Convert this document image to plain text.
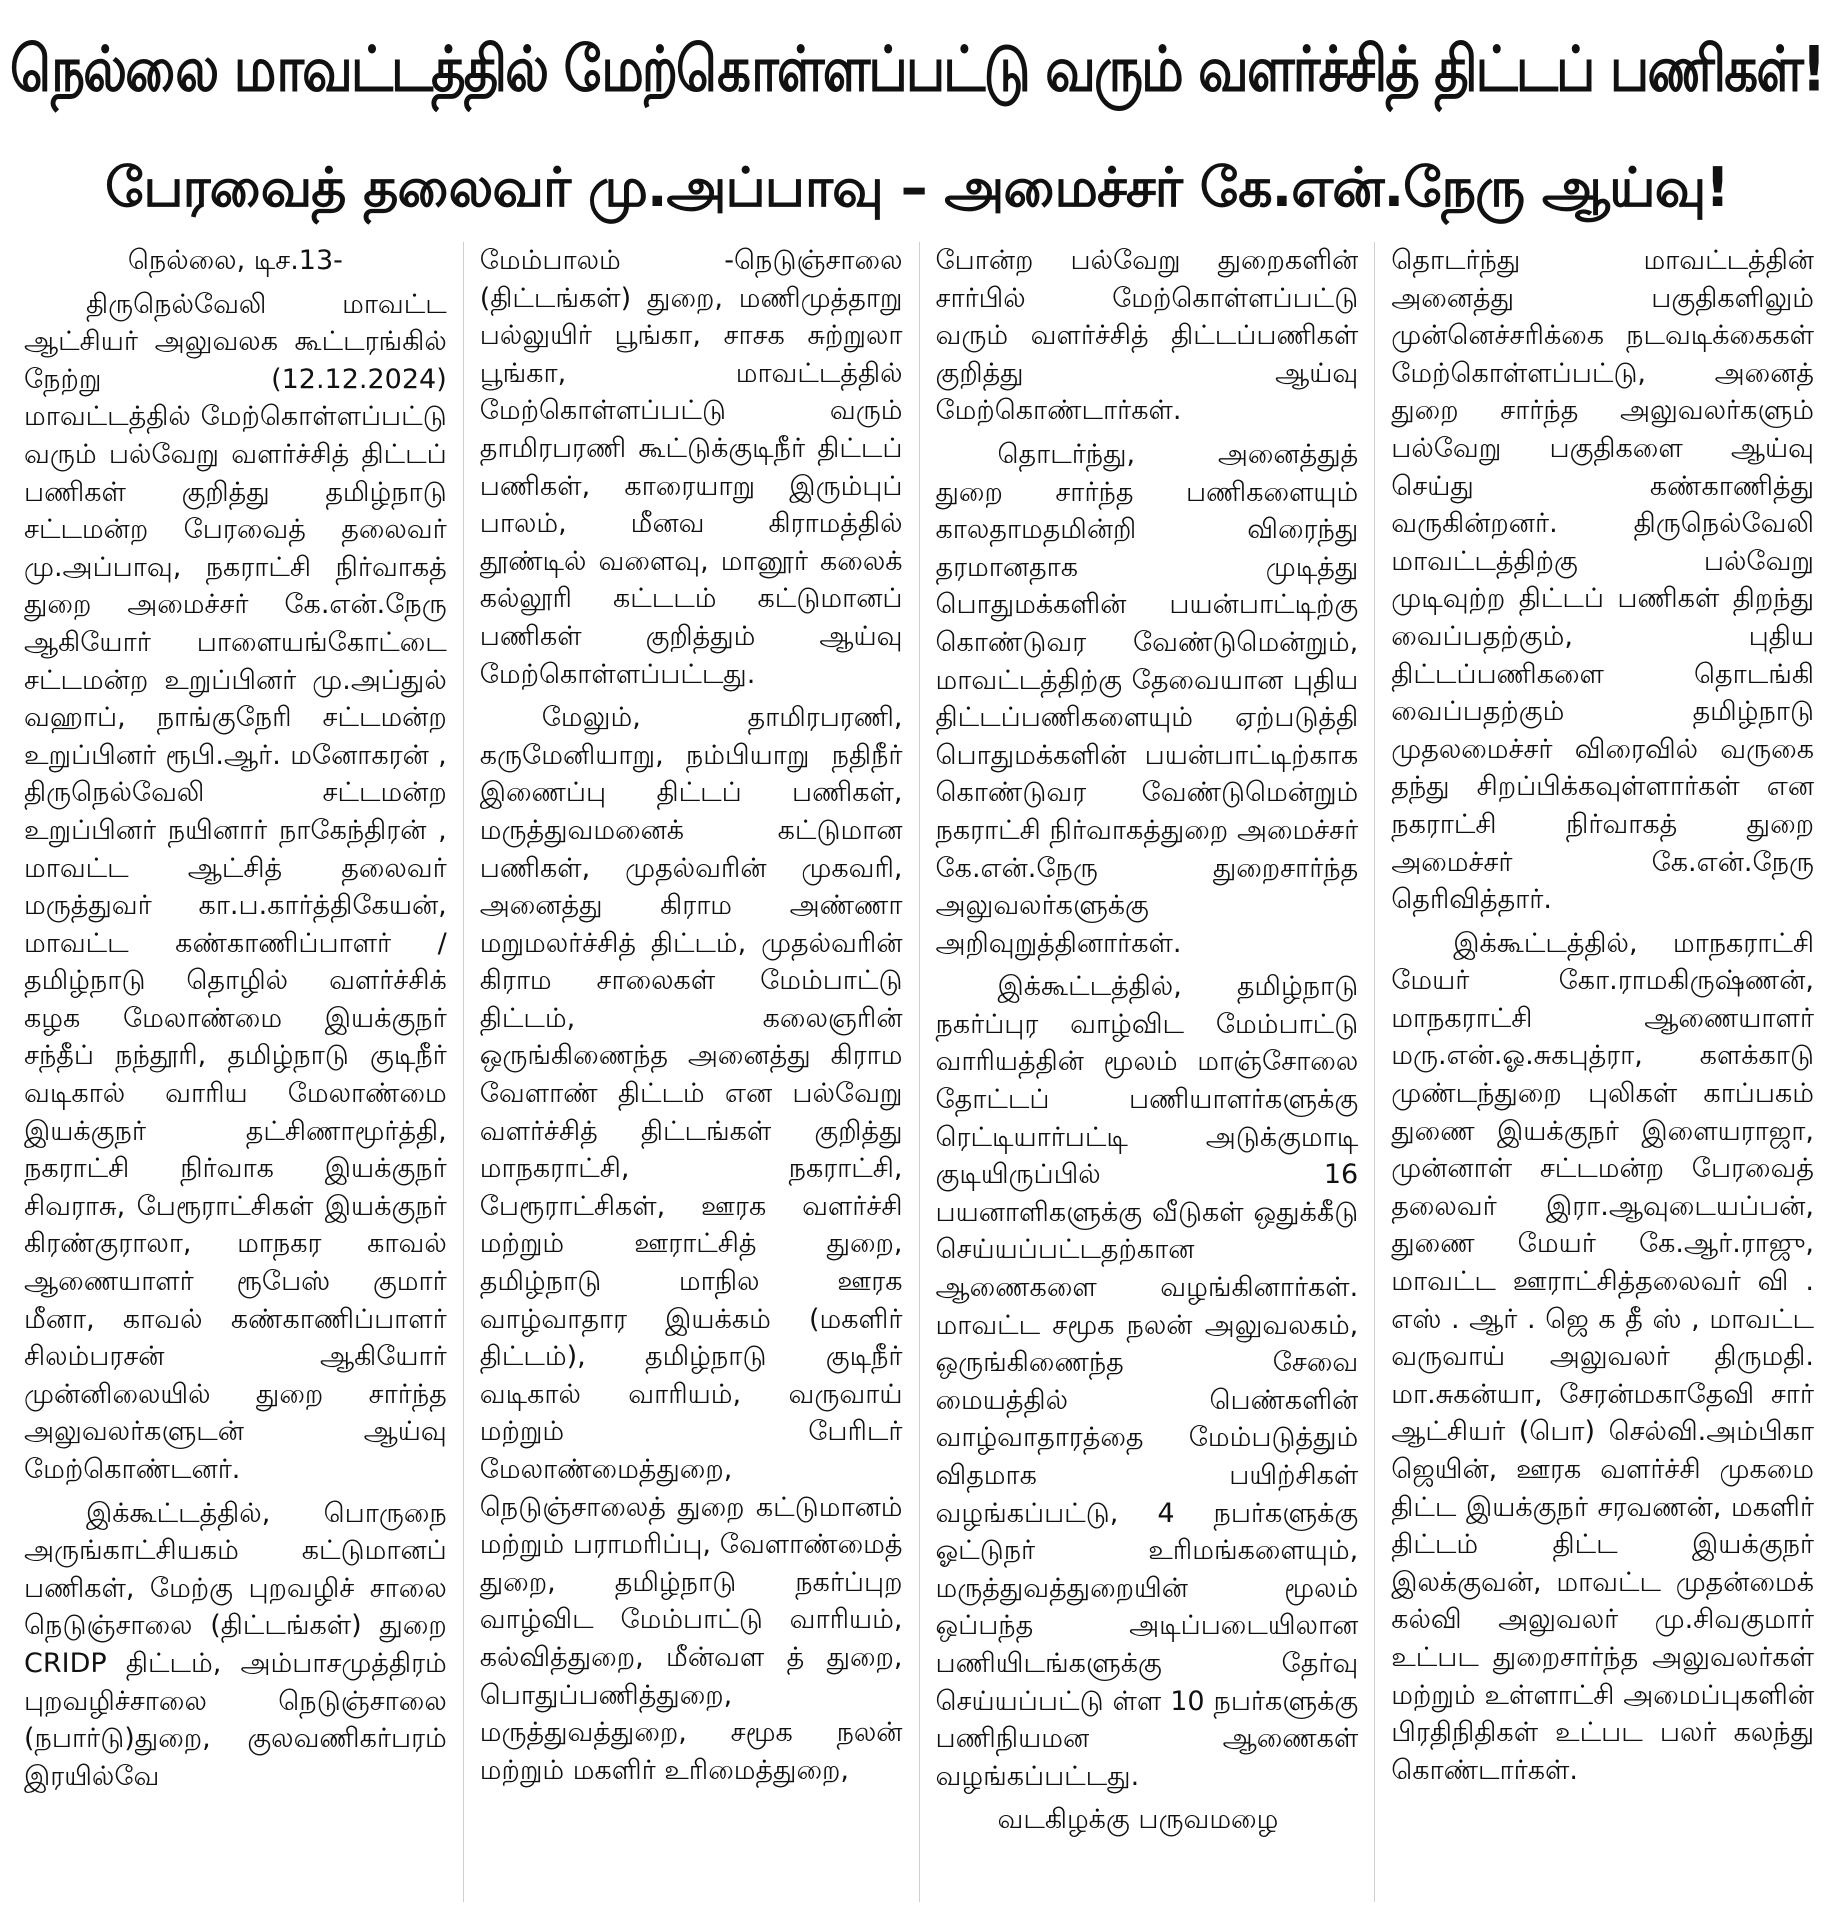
நெல்லை மாவட்டத்தில் மேற்கொள்ளப்பட்டு வரும் வளர்ச்சித் திட்டப் பணிகள்!
பேரவைத் தலைவர் மு.அப்பாவு – அமைச்சர் கே.என்.நேரு ஆய்வு!

நெல்லை, டிச.13-

திருநெல்வேலி மாவட்ட ஆட்சியர் அலுவலக கூட்டரங்கில் நேற்று (12.12.2024) மாவட்டத்தில் மேற்கொள்ளப்பட்டு வரும் பல்வேறு வளர்ச்சித் திட்டப் பணிகள் குறித்து தமிழ்நாடு சட்டமன்ற பேரவைத் தலைவர் மு.அப்பாவு, நகராட்சி நிர்வாகத் துறை அமைச்சர் கே.என்.நேரு ஆகியோர் பாளையங்கோட்டை சட்டமன்ற உறுப்பினர் மு.அப்துல் வஹாப், நாங்குநேரி சட்டமன்ற உறுப்பினர் ரூபி.ஆர். மனோகரன் , திருநெல்வேலி சட்டமன்ற உறுப்பினர் நயினார் நாகேந்திரன் , மாவட்ட ஆட்சித் தலைவர் மருத்துவர் கா.ப.கார்த்திகேயன், மாவட்ட கண்காணிப்பாளர் /தமிழ்நாடு தொழில் வளர்ச்சிக் கழக மேலாண்மை இயக்குநர் சந்தீப் நந்தூரி, தமிழ்நாடு குடிநீர் வடிகால் வாரிய மேலாண்மை இயக்குநர் தட்சிணாமூர்த்தி, நகராட்சி நிர்வாக இயக்குநர் சிவராசு, பேரூராட்சிகள் இயக்குநர் கிரண்குராலா, மாநகர காவல் ஆணையாளர் ரூபேஸ் குமார் மீனா, காவல் கண்காணிப்பாளர் சிலம்பரசன் ஆகியோர் முன்னிலையில் துறை சார்ந்த அலுவலர்களுடன் ஆய்வு மேற்கொண்டனர்.

இக்கூட்டத்தில், பொருநை அருங்காட்சியகம் கட்டுமானப் பணிகள், மேற்கு புறவழிச் சாலை நெடுஞ்சாலை (திட்டங்கள்) துறை CRIDP திட்டம், அம்பாசமுத்திரம் புறவழிச்சாலை நெடுஞ்சாலை (நபார்டு)துறை, குலவணிகர்பரம் இரயில்வே

மேம்பாலம் -நெடுஞ்சாலை (திட்டங்கள்) துறை, மணிமுத்தாறு பல்லுயிர் பூங்கா, சாசக சுற்றுலா பூங்கா, மாவட்டத்தில் மேற்கொள்ளப்பட்டு வரும் தாமிரபரணி கூட்டுக்குடிநீர் திட்டப் பணிகள், காரையாறு இரும்புப் பாலம், மீனவ கிராமத்தில் தூண்டில் வளைவு, மானூர் கலைக் கல்லூரி கட்டடம் கட்டுமானப் பணிகள் குறித்தும் ஆய்வு மேற்கொள்ளப்பட்டது.

மேலும், தாமிரபரணி, கருமேனியாறு, நம்பியாறு நதிநீர் இணைப்பு திட்டப் பணிகள், மருத்துவமனைக் கட்டுமான பணிகள், முதல்வரின் முகவரி, அனைத்து கிராம அண்ணா மறுமலர்ச்சித் திட்டம், முதல்வரின் கிராம சாலைகள் மேம்பாட்டு திட்டம், கலைஞரின் ஒருங்கிணைந்த அனைத்து கிராம வேளாண் திட்டம் என பல்வேறு வளர்ச்சித் திட்டங்கள் குறித்து மாநகராட்சி, நகராட்சி, பேரூராட்சிகள், ஊரக வளர்ச்சி மற்றும் ஊராட்சித் துறை, தமிழ்நாடு மாநில ஊரக வாழ்வாதார இயக்கம் (மகளிர் திட்டம்), தமிழ்நாடு குடிநீர் வடிகால் வாரியம், வருவாய் மற்றும் பேரிடர் மேலாண்மைத்துறை, நெடுஞ்சாலைத் துறை கட்டுமானம் மற்றும் பராமரிப்பு, வேளாண்மைத் துறை, தமிழ்நாடு நகர்ப்புற வாழ்விட மேம்பாட்டு வாரியம், கல்வித்துறை, மீன்வள த் துறை, பொதுப்பணித்துறை, மருத்துவத்துறை, சமூக நலன் மற்றும் மகளிர் உரிமைத்துறை,

போன்ற பல்வேறு துறைகளின் சார்பில் மேற்கொள்ளப்பட்டு வரும் வளர்ச்சித் திட்டப்பணிகள் குறித்து ஆய்வு மேற்கொண்டார்கள்.

தொடர்ந்து, அனைத்துத் துறை சார்ந்த பணிகளையும் காலதாமதமின்றி விரைந்து தரமானதாக முடித்து பொதுமக்களின் பயன்பாட்டிற்கு கொண்டுவர வேண்டுமென்றும், மாவட்டத்திற்கு தேவையான புதிய திட்டப்பணிகளையும் ஏற்படுத்தி பொதுமக்களின் பயன்பாட்டிற்காக கொண்டுவர வேண்டுமென்றும் நகராட்சி நிர்வாகத்துறை அமைச்சர் கே.என்.நேரு துறைசார்ந்த அலுவலர்களுக்கு அறிவுறுத்தினார்கள்.

இக்கூட்டத்தில், தமிழ்நாடு நகர்ப்புர வாழ்விட மேம்பாட்டு வாரியத்தின் மூலம் மாஞ்சோலை தோட்டப் பணியாளர்களுக்கு ரெட்டியார்பட்டி அடுக்குமாடி குடியிருப்பில் 16 பயனாளிகளுக்கு வீடுகள் ஒதுக்கீடு செய்யப்பட்டதற்கான ஆணைகளை வழங்கினார்கள். மாவட்ட சமூக நலன் அலுவலகம், ஒருங்கிணைந்த சேவை மையத்தில் பெண்களின் வாழ்வாதாரத்தை மேம்படுத்தும் விதமாக பயிற்சிகள் வழங்கப்பட்டு, 4 நபர்களுக்கு ஓட்டுநர் உரிமங்களையும், மருத்துவத்துறையின் மூலம் ஒப்பந்த அடிப்படையிலான பணியிடங்களுக்கு தேர்வு செய்யப்பட்டு ள்ள 10 நபர்களுக்கு பணிநியமன ஆணைகள் வழங்கப்பட்டது.

வடகிழக்கு பருவமழை

தொடர்ந்து மாவட்டத்தின் அனைத்து பகுதிகளிலும் முன்னெச்சரிக்கை நடவடிக்கைகள் மேற்கொள்ளப்பட்டு, அனைத் துறை சார்ந்த அலுவலர்களும் பல்வேறு பகுதிகளை ஆய்வு செய்து கண்காணித்து வருகின்றனர். திருநெல்வேலி மாவட்டத்திற்கு பல்வேறு முடிவுற்ற திட்டப் பணிகள் திறந்து வைப்பதற்கும், புதிய திட்டப்பணிகளை தொடங்கி வைப்பதற்கும் தமிழ்நாடு முதலமைச்சர் விரைவில் வருகை தந்து சிறப்பிக்கவுள்ளார்கள் என நகராட்சி நிர்வாகத் துறை அமைச்சர் கே.என்.நேரு தெரிவித்தார்.

இக்கூட்டத்தில், மாநகராட்சி மேயர் கோ.ராமகிருஷ்ணன், மாநகராட்சி ஆணையாளர் மரு.என்.ஓ.சுகபுத்ரா, களக்காடு முண்டந்துறை புலிகள் காப்பகம் துணை இயக்குநர் இளையராஜா, முன்னாள் சட்டமன்ற பேரவைத் தலைவர் இரா.ஆவுடையப்பன், துணை மேயர் கே.ஆர்.ராஜு, மாவட்ட ஊராட்சித்தலைவர் வி . எஸ் . ஆர் . ஜெ க தீ ஸ் , மாவட்ட வருவாய் அலுவலர் திருமதி. மா.சுகன்யா, சேரன்மகாதேவி சார் ஆட்சியர் (பொ) செல்வி.அம்பிகா ஜெயின், ஊரக வளர்ச்சி முகமை திட்ட இயக்குநர் சரவணன், மகளிர் திட்டம் திட்ட இயக்குநர் இலக்குவன், மாவட்ட முதன்மைக் கல்வி அலுவலர் மு.சிவகுமார் உட்பட துறைசார்ந்த அலுவலர்கள் மற்றும் உள்ளாட்சி அமைப்புகளின் பிரதிநிதிகள் உட்பட பலர் கலந்து கொண்டார்கள்.
